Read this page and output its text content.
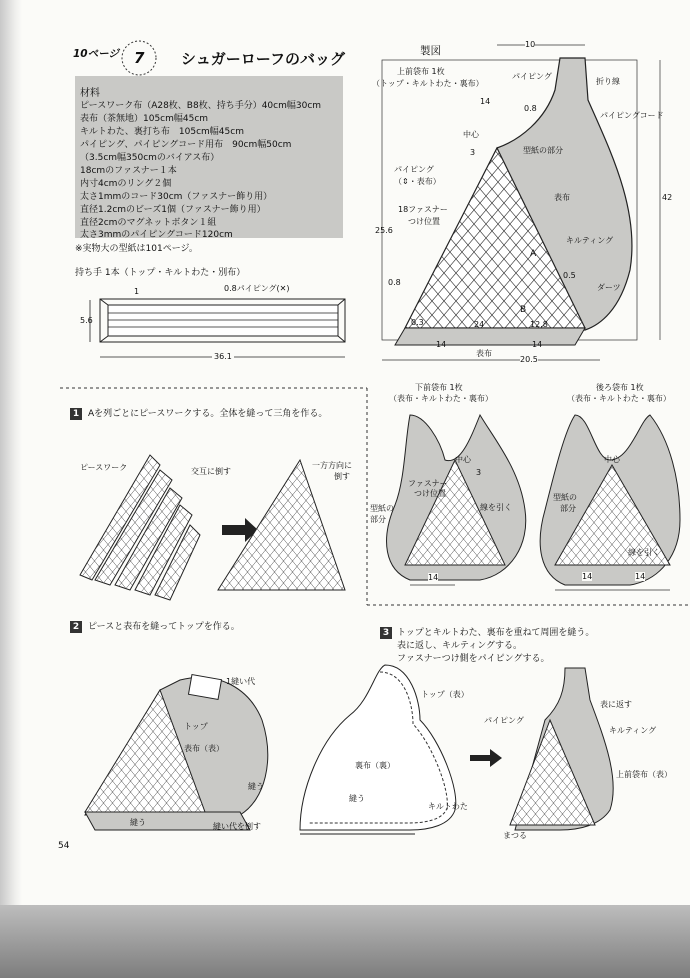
10ページ 7 シュガーローフのバッグ
材料
ピースワーク布（A28枚、B8枚、持ち手分）40cm幅30cm
表布（茶無地）105cm幅45cm
キルトわた、裏打ち布　105cm幅45cm
パイピング、パイピングコード用布　90cm幅50cm
（3.5cm幅350cmのバイアス布）
18cmのファスナー１本
内寸4cmのリング２個
太さ1mmのコード30cm（ファスナー飾り用）
直径1.2cmのビーズ1個（ファスナー飾り用）
直径2cmのマグネットボタン１組
太さ3mmのパイピングコード120cm
※実物大の型紙は101ページ。
持ち手 1本（トップ・キルトわた・別布）
1	0.8パイピング(✕)
5.6
36.1
製図
上前袋布 1枚
（トップ・キルトわた・裏布）
10
14
0.8
3
25.6
0.8
0.3	24	12.8
14	14
20.5
42
0.5
パイピング
折り線
パイピングコード
中心
型紙の部分
パイピング
（⇕・表布）
18ファスナー
つけ位置
表布
キルティング
ダーツ
A
B
表布
下前袋布 1枚
（表布・キルトわた・裏布）
中心
3
ファスナー
つけ位置
型紙の
部分
線を引く
14
後ろ袋布 1枚
（表布・キルトわた・裏布）
中心
型紙の
部分
線を引く
14	14
1 Aを列ごとにピースワークする。全体を縫って三角を作る。
ピースワーク	交互に倒す
一方方向に
倒す
2 ピースと表布を縫ってトップを作る。
1縫い代
トップ
表布（表）
縫う
縫う	縫い代を倒す
3 トップとキルトわた、裏布を重ねて周囲を縫う。
表に返し、キルティングする。
ファスナーつけ側をパイピングする。
トップ（表）
裏布（裏）
縫う
キルトわた
表に返す
パイピング
キルティング
上前袋布（表）
まつる
54
